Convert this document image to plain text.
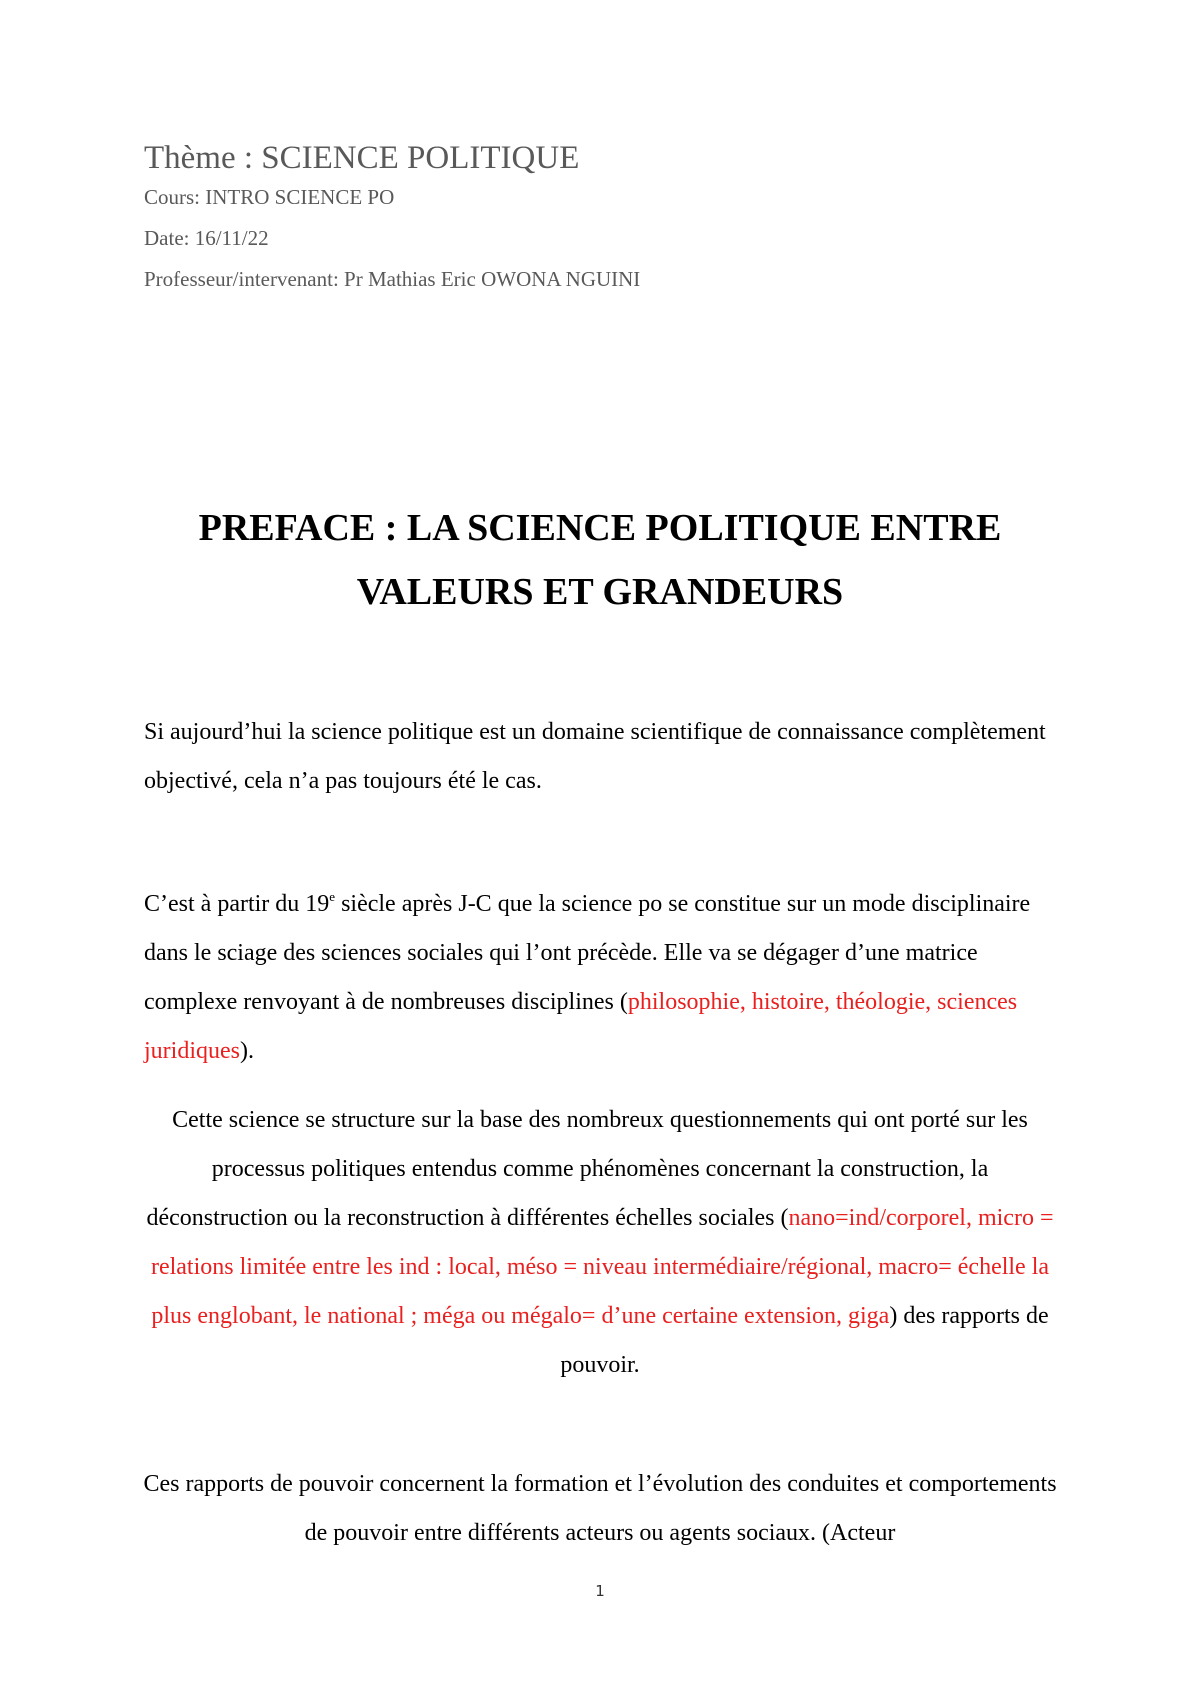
Thème : SCIENCE POLITIQUE

Cours: INTRO SCIENCE PO

Date: 16/11/22

Professeur/intervenant: Pr Mathias Eric OWONA NGUINI

PREFACE : LA SCIENCE POLITIQUE ENTRE
VALEURS ET GRANDEURS

Si aujourd’hui la science politique est un domaine scientifique de connaissance complètement objectivé, cela n’a pas toujours été le cas.

C’est à partir du 19e siècle après J-C que la science po se constitue sur un mode disciplinaire dans le sciage des sciences sociales qui l’ont précède. Elle va se dégager d’une matrice complexe renvoyant à de nombreuses disciplines (philosophie, histoire, théologie, sciences juridiques).

Cette science se structure sur la base des nombreux questionnements qui ont porté sur les processus politiques entendus comme phénomènes concernant la construction, la déconstruction ou la reconstruction à différentes échelles sociales (nano=ind/corporel, micro = relations limitée entre les ind : local, méso = niveau intermédiaire/régional, macro= échelle la plus englobant, le national ; méga ou mégalo= d’une certaine extension, giga) des rapports de pouvoir.

Ces rapports de pouvoir concernent la formation et l’évolution des conduites et comportements de pouvoir entre différents acteurs ou agents sociaux. (Acteur

1
